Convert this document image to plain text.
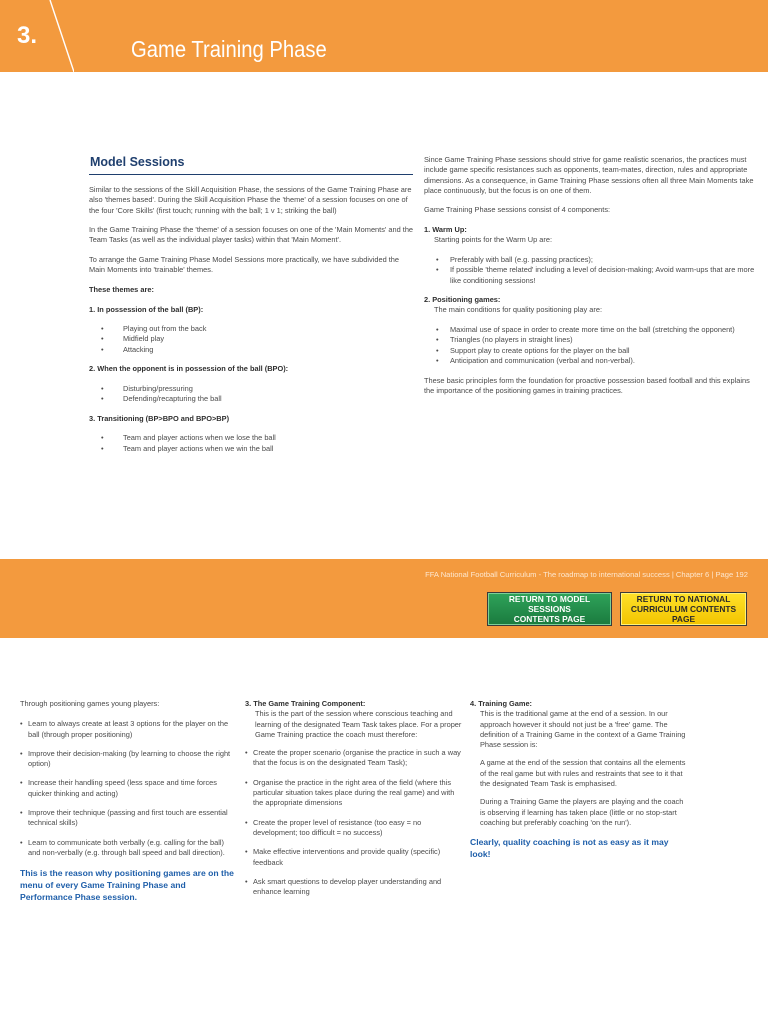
3.	Game Training Phase
Model Sessions

Similar to the sessions of the Skill Acquisition Phase, the sessions of the Game Training Phase are also 'themes based'. During the Skill Acquisition Phase the 'theme' of a session focuses on one of the four 'Core Skills' (first touch; running with the ball; 1 v 1; striking the ball)

In the Game Training Phase the 'theme' of a session focuses on one of the 'Main Moments' and the Team Tasks (as well as the individual player tasks) within that 'Main Moment'.

To arrange the Game Training Phase Model Sessions more practically, we have subdivided the Main Moments into 'trainable' themes.

These themes are:

1. In possession of the ball (BP):

• Playing out from the back
• Midfield play
• Attacking

2. When the opponent is in possession of the ball (BPO):

• Disturbing/pressuring
• Defending/recapturing the ball

3. Transitioning (BP>BPO and BPO>BP)

• Team and player actions when we lose the ball
• Team and player actions when we win the ball

Since Game Training Phase sessions should strive for game realistic scenarios, the practices must include game specific resistances such as opponents, team-mates, direction, rules and appropriate dimensions. As a consequence, in Game Training Phase sessions often all three Main Moments take place continuously, but the focus is on one of them.

Game Training Phase sessions consist of 4 components:

1. Warm Up:

Starting points for the Warm Up are:

• Preferably with ball (e.g. passing practices);
• If possible 'theme related' including a level of decision-making; Avoid warm-ups that are more like conditioning sessions!

2. Positioning games:

The main conditions for quality positioning play are:

• Maximal use of space in order to create more time on the ball (stretching the opponent)
• Triangles (no players in straight lines)
• Support play to create options for the player on the ball
• Anticipation and communication (verbal and non-verbal).

These basic principles form the foundation for proactive possession based football and this explains the importance of the positioning games in training practices.

FFA National Football Curriculum - The roadmap to international success | Chapter 6 | Page 192
RETURN TO MODEL SESSIONS
CONTENTS PAGE
RETURN TO NATIONAL
CURRICULUM CONTENTS PAGE

Through positioning games young players:

• Learn to always create at least 3 options for the player on the ball (through proper positioning)
• Improve their decision-making (by learning to choose the right option)
• Increase their handling speed (less space and time forces quicker thinking and acting)
• Improve their technique (passing and first touch are essential technical skills)
• Learn to communicate both verbally (e.g. calling for the ball) and non-verbally (e.g. through ball speed and ball direction).

This is the reason why positioning games are on the menu of every Game Training Phase and Performance Phase session.

3. The Game Training Component:

This is the part of the session where conscious teaching and learning of the designated Team Task takes place. For a proper Game Training practice the coach must therefore:

• Create the proper scenario (organise the practice in such a way that the focus is on the designated Team Task);
• Organise the practice in the right area of the field (where this particular situation takes place during the real game) and with the appropriate dimensions
• Create the proper level of resistance (too easy = no development; too difficult = no success)
• Make effective interventions and provide quality (specific) feedback
• Ask smart questions to develop player understanding and enhance learning

4. Training Game:

This is the traditional game at the end of a session. In our approach however it should not just be a 'free' game. The definition of a Training Game in the context of a Game Training Phase session is:

A game at the end of the session that contains all the elements of the real game but with rules and restraints that see to it that the designated Team Task is emphasised.

During a Training Game the players are playing and the coach is observing if learning has taken place (little or no stop-start coaching but preferably coaching 'on the run').

Clearly, quality coaching is not as easy as it may look!
